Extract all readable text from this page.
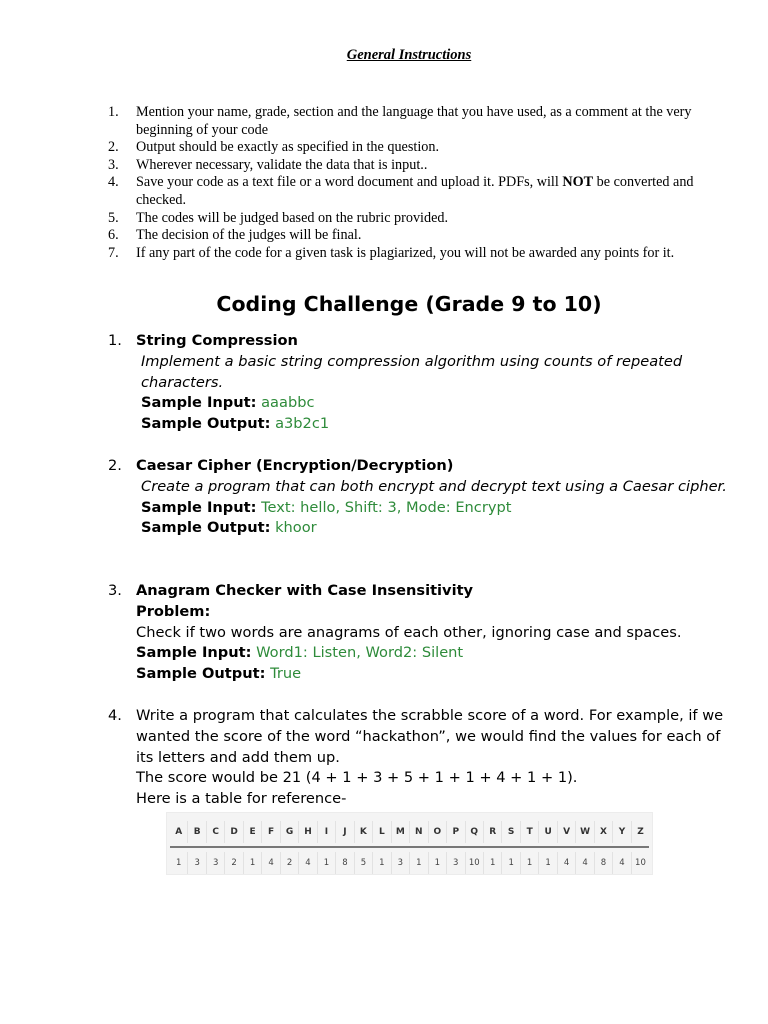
General Instructions
1.	Mention your name, grade, section and the language that you have used, as a comment at the very beginning of your code
2.	Output should be exactly as specified in the question.
3.	Wherever necessary, validate the data that is input..
4.	Save your code as a text file or a word document and upload it. PDFs, will NOT be converted and checked.
5.	The codes will be judged based on the rubric provided.
6.	The decision of the judges will be final.
7.	If any part of the code for a given task is plagiarized, you will not be awarded any points for it.
Coding Challenge (Grade 9 to 10)
1. String Compression
Implement a basic string compression algorithm using counts of repeated characters.
Sample Input: aaabbc
Sample Output: a3b2c1
2. Caesar Cipher (Encryption/Decryption)
Create a program that can both encrypt and decrypt text using a Caesar cipher.
Sample Input: Text: hello, Shift: 3, Mode: Encrypt
Sample Output: khoor
3. Anagram Checker with Case Insensitivity
Problem:
Check if two words are anagrams of each other, ignoring case and spaces.
Sample Input: Word1: Listen, Word2: Silent
Sample Output: True
4. Write a program that calculates the scrabble score of a word. For example, if we wanted the score of the word “hackathon”, we would find the values for each of its letters and add them up.
The score would be 21 (4 + 1 + 3 + 5 + 1 + 1 + 4 + 1 + 1).
Here is a table for reference-
A	B	C	D	E	F	G	H	I	J	K	L	M	N	O	P	Q	R	S	T	U	V	W	X	Y	Z
1	3	3	2	1	4	2	4	1	8	5	1	3	1	1	3	10	1	1	1	1	4	4	8	4	10
